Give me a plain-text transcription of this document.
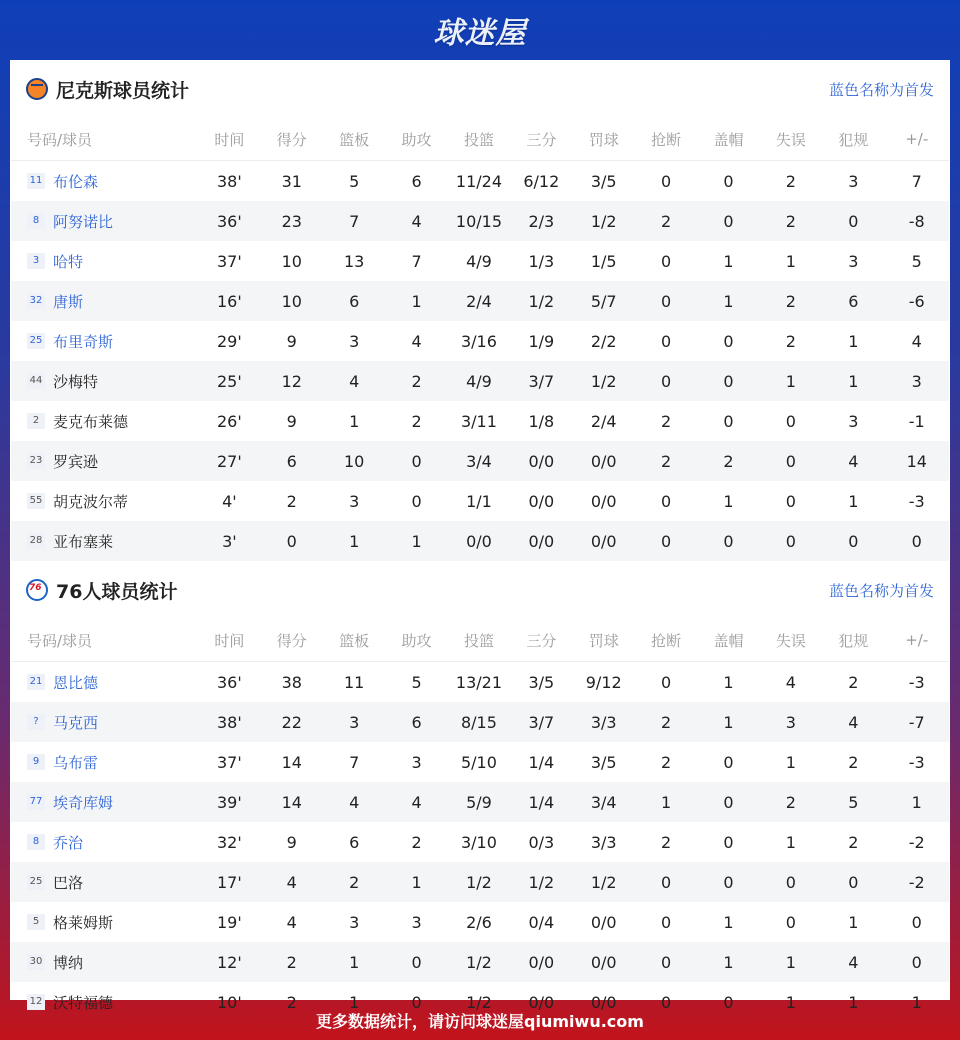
球迷屋
尼克斯球员统计	蓝色名称为首发
号码/球员	时间	得分	篮板	助攻	投篮	三分	罚球	抢断	盖帽	失误	犯规	+/-
11 布伦森	38'	31	5	6	11/24	6/12	3/5	0	0	2	3	7
8 阿努诺比	36'	23	7	4	10/15	2/3	1/2	2	0	2	0	-8
3 哈特	37'	10	13	7	4/9	1/3	1/5	0	1	1	3	5
32 唐斯	16'	10	6	1	2/4	1/2	5/7	0	1	2	6	-6
25 布里奇斯	29'	9	3	4	3/16	1/9	2/2	0	0	2	1	4
44 沙梅特	25'	12	4	2	4/9	3/7	1/2	0	0	1	1	3
2 麦克布莱德	26'	9	1	2	3/11	1/8	2/4	2	0	0	3	-1
23 罗宾逊	27'	6	10	0	3/4	0/0	0/0	2	2	0	4	14
55 胡克波尔蒂	4'	2	3	0	1/1	0/0	0/0	0	1	0	1	-3
28 亚布塞莱	3'	0	1	1	0/0	0/0	0/0	0	0	0	0	0
76 76人球员统计	蓝色名称为首发
号码/球员	时间	得分	篮板	助攻	投篮	三分	罚球	抢断	盖帽	失误	犯规	+/-
21 恩比德	36'	38	11	5	13/21	3/5	9/12	0	1	4	2	-3
? 马克西	38'	22	3	6	8/15	3/7	3/3	2	1	3	4	-7
9 乌布雷	37'	14	7	3	5/10	1/4	3/5	2	0	1	2	-3
77 埃奇库姆	39'	14	4	4	5/9	1/4	3/4	1	0	2	5	1
8 乔治	32'	9	6	2	3/10	0/3	3/3	2	0	1	2	-2
25 巴洛	17'	4	2	1	1/2	1/2	1/2	0	0	0	0	-2
5 格莱姆斯	19'	4	3	3	2/6	0/4	0/0	0	1	0	1	0
30 博纳	12'	2	1	0	1/2	0/0	0/0	0	1	1	4	0
12 沃特福德	10'	2	1	0	1/2	0/0	0/0	0	0	1	1	1
更多数据统计，请访问球迷屋qiumiwu.com
